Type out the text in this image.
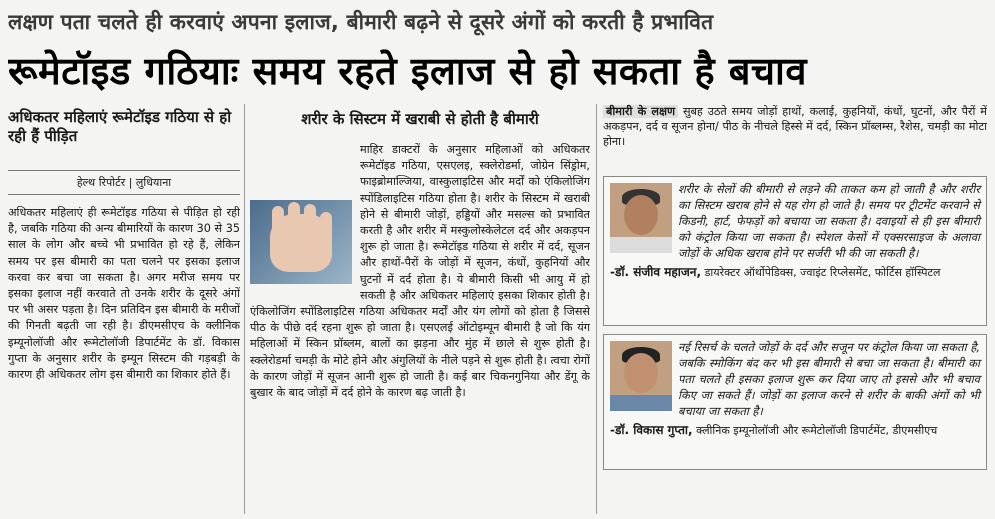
लक्षण पता चलते ही करवाएं अपना इलाज, बीमारी बढ़ने से दूसरे अंगों को करती है प्रभावित
रूमेटॉइड गठियाः समय रहते इलाज से हो सकता है बचाव
अधिकतर महिलाएं रूमेटॉइड गठिया से हो रही हैं पीड़ित
हेल्थ रिपोर्टर | लुधियाना
अधिकतर महिलाएं ही रूमेटॉइड गठिया से पीड़ित हो रही है, जबकि गठिया की अन्य बीमारियों के कारण 30 से 35 साल के लोग और बच्चे भी प्रभावित हो रहे हैं, लेकिन समय पर इस बीमारी का पता चलने पर इसका इलाज करवा कर बचा जा सकता है। अगर मरीज समय पर इसका इलाज नहीं करवाते तो उनके शरीर के दूसरे अंगों पर भी असर पड़ता है। दिन प्रतिदिन इस बीमारी के मरीजों की गिनती बढ़ती जा रही है। डीएमसीएच के क्लीनिक इम्यूनोलॉजी और रूमेटोलॉजी डिपार्टमेंट के डॉ. विकास गुप्ता के अनुसार शरीर के इम्यून सिस्टम की गड़बड़ी के कारण ही अधिकतर लोग इस बीमारी का शिकार होते हैं।
शरीर के सिस्टम में खराबी से होती है बीमारी
माहिर डाक्टरों के अनुसार महिलाओं को अधिकतर रूमेटॉइड गठिया, एसएलइ, स्क्लेरोडर्मा, जोग्रेन सिंड्रोम, फाइब्रोमाल्जिया, वास्कुलाइटिस और मर्दों को एंकिलोजिंग स्पोंडिलाइटिस गठिया होता है। शरीर के सिस्टम में खराबी होने से बीमारी जोड़ों, हड्डियों और मसल्स को प्रभावित करती है और शरीर में मस्कुलोस्केलेटल दर्द और अकड़पन शुरू हो जाता है। रूमेटॉइड गठिया से शरीर में दर्द, सूजन और हाथों-पैरों के जोड़ों में सूजन, कंधों, कुहनियों और घुटनों में दर्द होता है। ये बीमारी किसी भी आयु में हो सकती है और अधिकतर महिलाएं इसका शिकार होती है। एंकिलोजिंग स्पोंडिलाइटिस गठिया अधिकतर मर्दों और यंग लोगों को होता है जिससे पीठ के पीछे दर्द रहना शुरू हो जाता है। एसएलई ऑटोइम्यून बीमारी है जो कि यंग महिलाओं में स्किन प्रॉब्लम, बालों का झड़ना और मुंह में छाले से शुरू होती है। स्क्लेरोडर्मा चमड़ी के मोटे होने और अंगुलियों के नीले पड़ने से शुरू होती है। त्वचा रोगों के कारण जोड़ों में सूजन आनी शुरू हो जाती है। कई बार चिकनगुनिया और डेंगू के बुखार के बाद जोड़ों में दर्द होने के कारण बढ़ जाती है।
बीमारी के लक्षण सुबह उठते समय जोड़ों हाथों, कलाई, कुहनियों, कंधों, घुटनों, और पैरों में अकड़पन, दर्द व सूजन होना/ पीठ के नीचले हिस्से में दर्द, स्किन प्रॉब्लम्स, रैशेस, चमड़ी का मोटा होना।
शरीर के सेलों की बीमारी से लड़ने की ताकत कम हो जाती है और शरीर का सिस्टम खराब होने से यह रोग हो जाते है। समय पर ट्रीटमेंट करवाने से किडनी, हार्ट, फेफड़ों को बचाया जा सकता है। दवाइयों से ही इस बीमारी को कंट्रोल किया जा सकता है। स्पेशल केसों में एक्सरसाइज के अलावा जोड़ों के अधिक खराब होने पर सर्जरी भी की जा सकती है।
-डॉ. संजीव महाजन, डायरेक्टर ऑर्थोपेडिक्स, ज्वाइंट रिप्लेसमेंट, फोर्टिस हॉस्पिटल
नई रिसर्च के चलते जोड़ों के दर्द और सजून पर कंट्रोल किया जा सकता है, जबकि स्मोकिंग बंद कर भी इस बीमारी से बचा जा सकता है। बीमारी का पता चलते ही इसका इलाज शुरू कर दिया जाए तो इससे और भी बचाव किए जा सकते हैं। जोड़ों का इलाज करने से शरीर के बाकी अंगों को भी बचाया जा सकता है।
-डॉ. विकास गुप्ता, क्लीनिक इम्यूनोलॉजी और रूमेटोलॉजी डिपार्टमेंट, डीएमसीएच
